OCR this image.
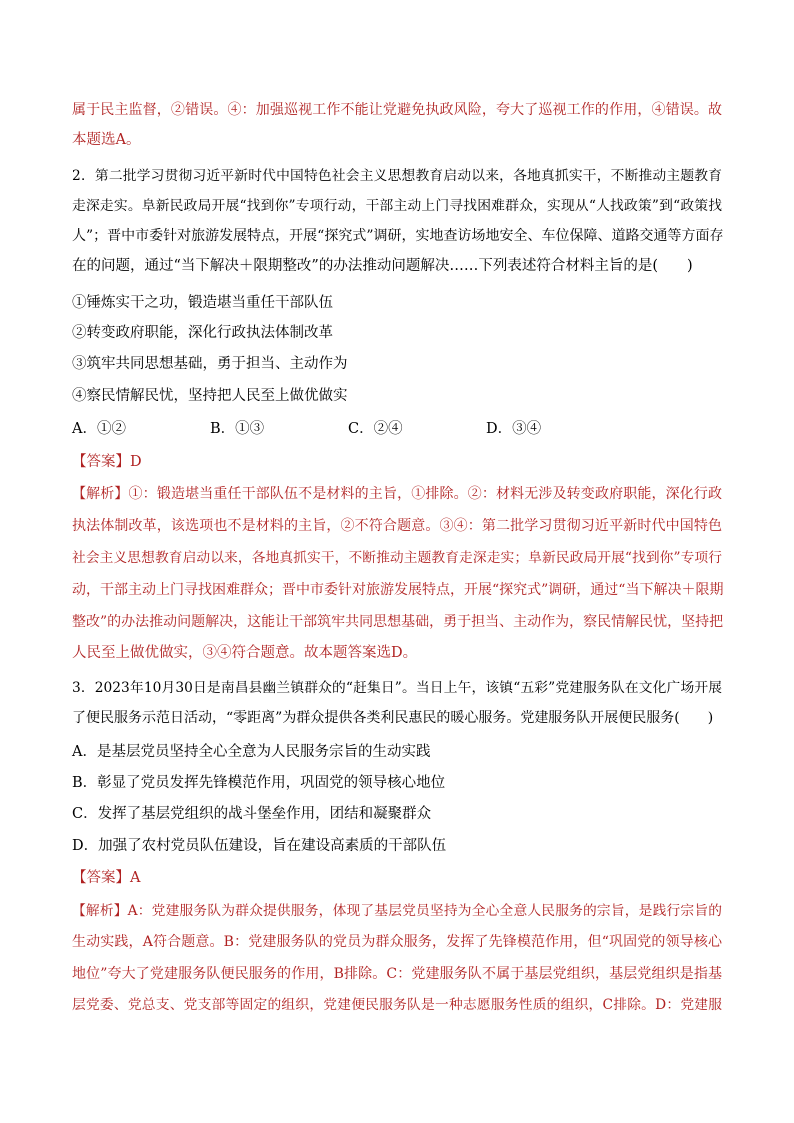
属于民主监督，②错误。④：加强巡视工作不能让党避免执政风险，夸大了巡视工作的作用，④错误。故
本题选A。
2．第二批学习贯彻习近平新时代中国特色社会主义思想教育启动以来，各地真抓实干，不断推动主题教育
走深走实。阜新民政局开展“找到你”专项行动，干部主动上门寻找困难群众，实现从“人找政策”到“政策找
人”；晋中市委针对旅游发展特点，开展“探究式”调研，实地查访场地安全、车位保障、道路交通等方面存
在的问题，通过“当下解决＋限期整改”的办法推动问题解决……下列表述符合材料主旨的是(　　)
①锤炼实干之功，锻造堪当重任干部队伍
②转变政府职能，深化行政执法体制改革
③筑牢共同思想基础，勇于担当、主动作为
④察民情解民忧，坚持把人民至上做优做实
A．①②	B．①③	C．②④	D．③④
【答案】D
【解析】①：锻造堪当重任干部队伍不是材料的主旨，①排除。②：材料无涉及转变政府职能，深化行政
执法体制改革，该选项也不是材料的主旨，②不符合题意。③④：第二批学习贯彻习近平新时代中国特色
社会主义思想教育启动以来，各地真抓实干，不断推动主题教育走深走实；阜新民政局开展“找到你”专项行
动，干部主动上门寻找困难群众；晋中市委针对旅游发展特点，开展“探究式”调研，通过“当下解决＋限期
整改”的办法推动问题解决，这能让干部筑牢共同思想基础，勇于担当、主动作为，察民情解民忧，坚持把
人民至上做优做实，③④符合题意。故本题答案选D。
3．2023年10月30日是南昌县幽兰镇群众的“赶集日”。当日上午，该镇“五彩”党建服务队在文化广场开展
了便民服务示范日活动，“零距离”为群众提供各类利民惠民的暖心服务。党建服务队开展便民服务(　　)
A．是基层党员坚持全心全意为人民服务宗旨的生动实践
B．彰显了党员发挥先锋模范作用，巩固党的领导核心地位
C．发挥了基层党组织的战斗堡垒作用，团结和凝聚群众
D．加强了农村党员队伍建设，旨在建设高素质的干部队伍
【答案】A
【解析】A：党建服务队为群众提供服务，体现了基层党员坚持为全心全意人民服务的宗旨，是践行宗旨的
生动实践，A符合题意。B：党建服务队的党员为群众服务，发挥了先锋模范作用，但“巩固党的领导核心
地位”夸大了党建服务队便民服务的作用，B排除。C：党建服务队不属于基层党组织，基层党组织是指基
层党委、党总支、党支部等固定的组织，党建便民服务队是一种志愿服务性质的组织，C排除。D：党建服
